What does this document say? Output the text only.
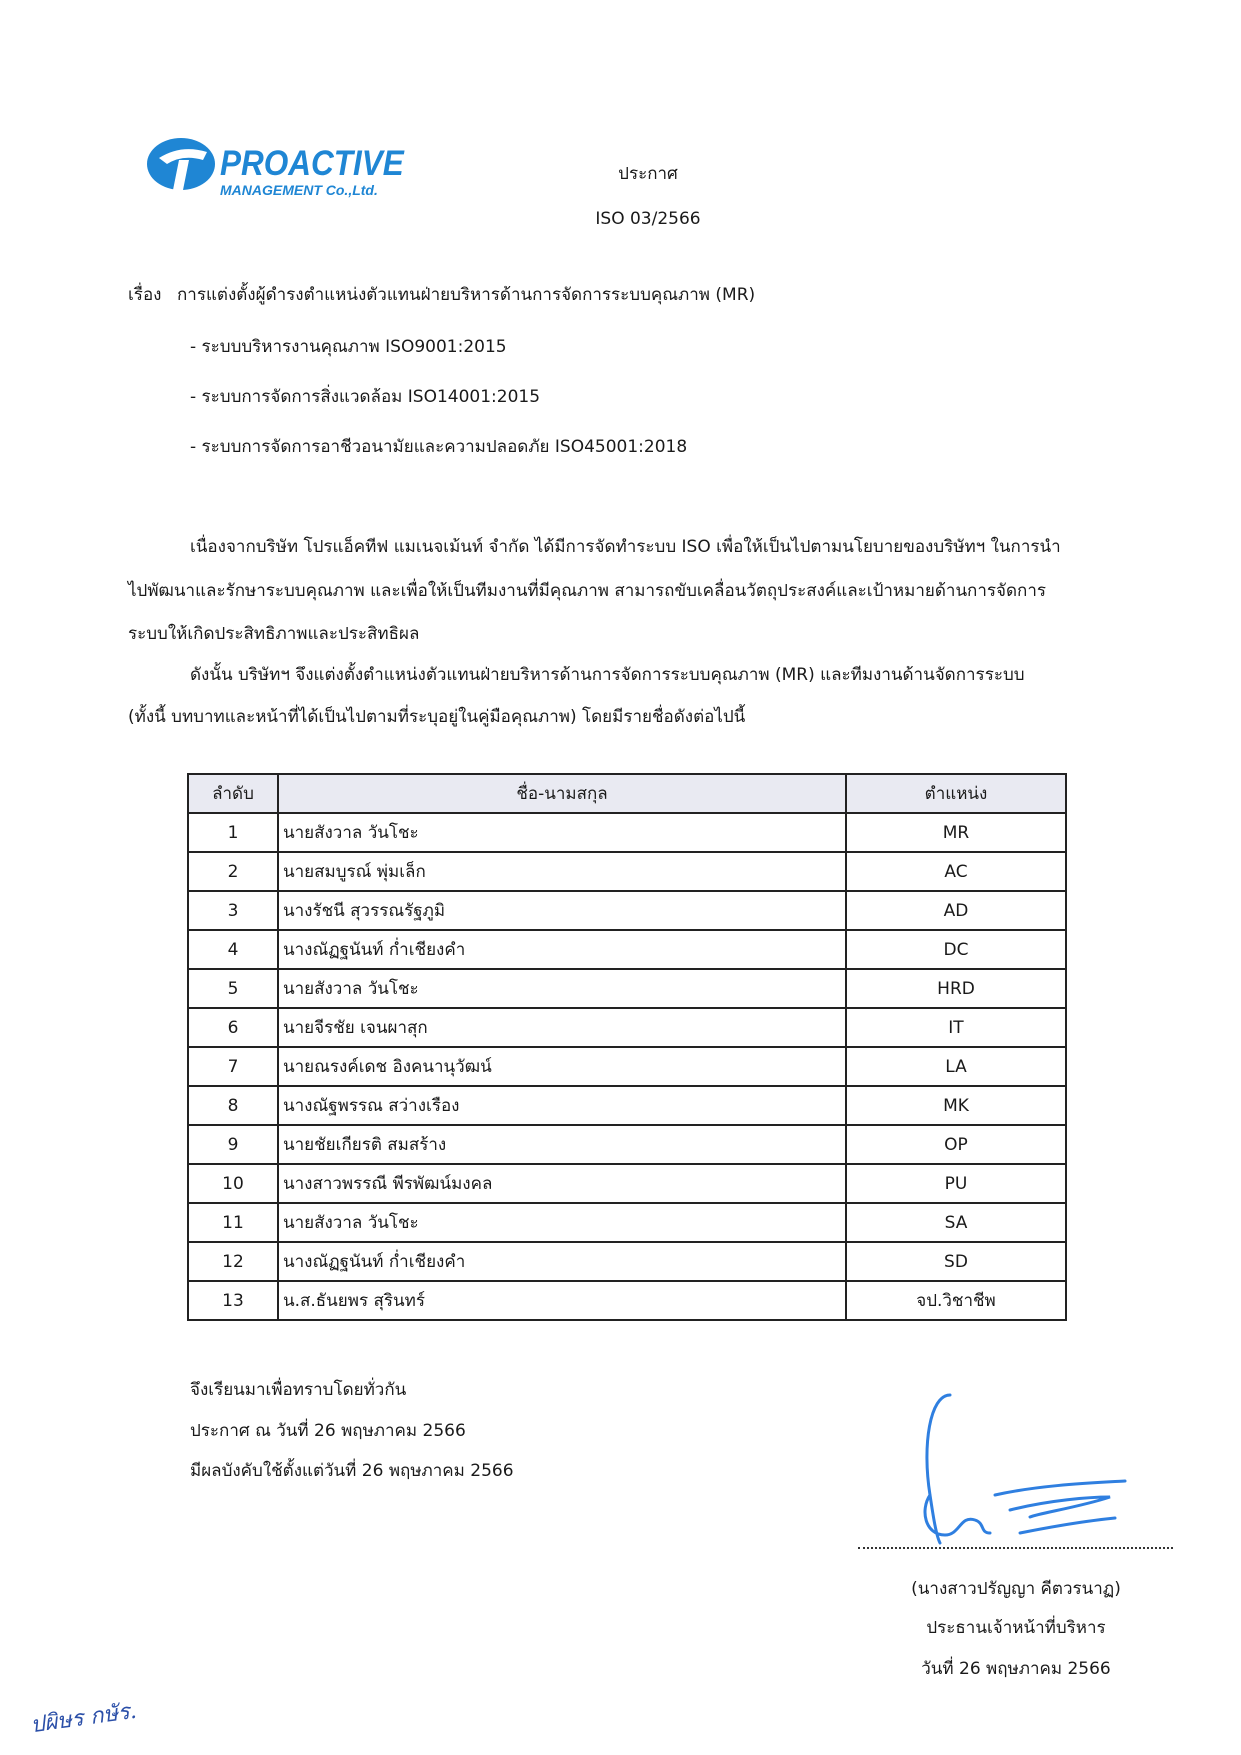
PROACTIVE
MANAGEMENT Co.,Ltd.
ประกาศ
ISO 03/2566
เรื่อง การแต่งตั้งผู้ดำรงตำแหน่งตัวแทนฝ่ายบริหารด้านการจัดการระบบคุณภาพ (MR)
- ระบบบริหารงานคุณภาพ ISO9001:2015
- ระบบการจัดการสิ่งแวดล้อม ISO14001:2015
- ระบบการจัดการอาชีวอนามัยและความปลอดภัย ISO45001:2018
เนื่องจากบริษัท โปรแอ็คทีฟ แมเนจเม้นท์ จำกัด ได้มีการจัดทำระบบ ISO เพื่อให้เป็นไปตามนโยบายของบริษัทฯ ในการนำ
ไปพัฒนาและรักษาระบบคุณภาพ และเพื่อให้เป็นทีมงานที่มีคุณภาพ สามารถขับเคลื่อนวัตถุประสงค์และเป้าหมายด้านการจัดการ
ระบบให้เกิดประสิทธิภาพและประสิทธิผล
ดังนั้น บริษัทฯ จึงแต่งตั้งตำแหน่งตัวแทนฝ่ายบริหารด้านการจัดการระบบคุณภาพ (MR) และทีมงานด้านจัดการระบบ
(ทั้งนี้ บทบาทและหน้าที่ได้เป็นไปตามที่ระบุอยู่ในคู่มือคุณภาพ) โดยมีรายชื่อดังต่อไปนี้
ลำดับ	ชื่อ-นามสกุล	ตำแหน่ง
1	นายสังวาล วันโชะ	MR
2	นายสมบูรณ์ พุ่มเล็ก	AC
3	นางรัชนี สุวรรณรัฐภูมิ	AD
4	นางณัฏฐนันท์ ก่ำเชียงคำ	DC
5	นายสังวาล วันโชะ	HRD
6	นายจีรชัย เจนผาสุก	IT
7	นายณรงค์เดช อิงคนานุวัฒน์	LA
8	นางณัฐพรรณ สว่างเรือง	MK
9	นายชัยเกียรติ สมสร้าง	OP
10	นางสาวพรรณี พีรพัฒน์มงคล	PU
11	นายสังวาล วันโชะ	SA
12	นางณัฏฐนันท์ ก่ำเชียงคำ	SD
13	น.ส.ธันยพร สุรินทร์	จป.วิชาชีพ
จึงเรียนมาเพื่อทราบโดยทั่วกัน
ประกาศ ณ วันที่ 26 พฤษภาคม 2566
มีผลบังคับใช้ตั้งแต่วันที่ 26 พฤษภาคม 2566
(นางสาวปรัญญา คีตวรนาฏ)
ประธานเจ้าหน้าที่บริหาร
วันที่ 26 พฤษภาคม 2566
ปผิษร กษัร.
